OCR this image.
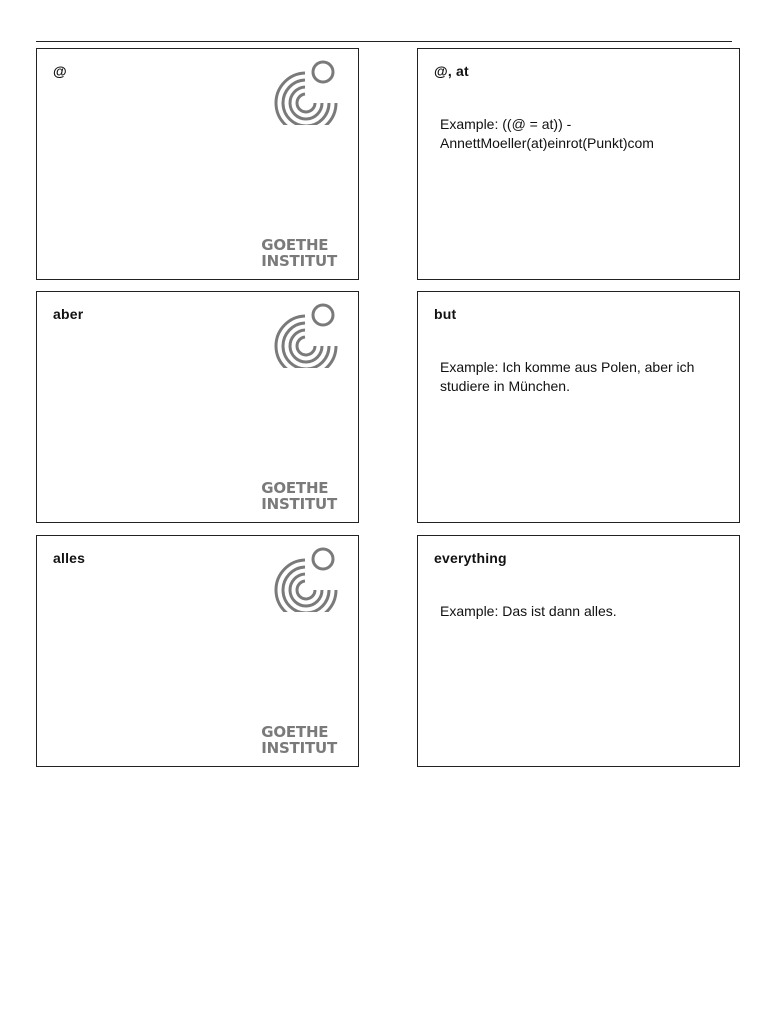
@
GOETHE
INSTITUT
@, at
Example: ((@ = at)) - AnnettMoeller(at)einrot(Punkt)com
aber
GOETHE
INSTITUT
but
Example: Ich komme aus Polen, aber ich studiere in München.
alles
GOETHE
INSTITUT
everything
Example: Das ist dann alles.
